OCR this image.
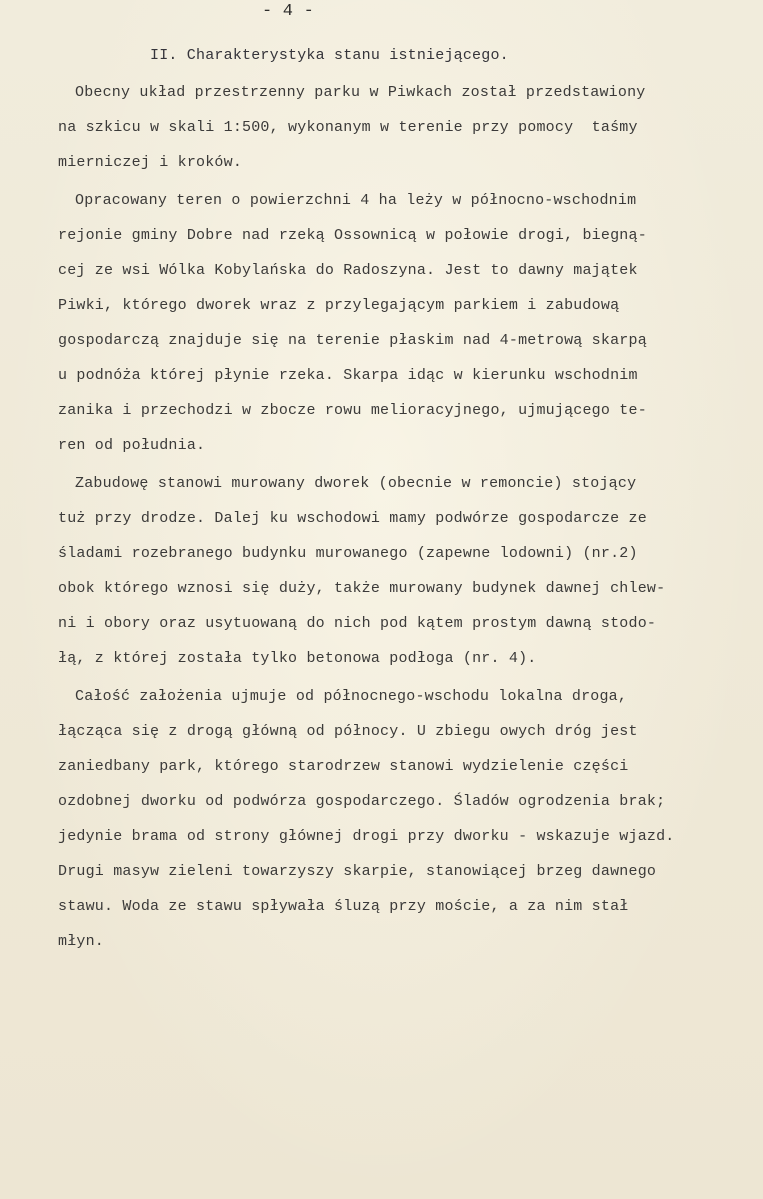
- 4 -
II. Charakterystyka stanu istniejącego.
Obecny układ przestrzenny parku w Piwkach został przedstawiony
na szkicu w skali 1:500, wykonanym w terenie przy pomocy  taśmy
mierniczej i kroków.
Opracowany teren o powierzchni 4 ha leży w północno-wschodnim
rejonie gminy Dobre nad rzeką Ossownicą w połowie drogi, biegną-
cej ze wsi Wólka Kobylańska do Radoszyna. Jest to dawny majątek
Piwki, którego dworek wraz z przylegającym parkiem i zabudową
gospodarczą znajduje się na terenie płaskim nad 4-metrową skarpą
u podnóża której płynie rzeka. Skarpa idąc w kierunku wschodnim
zanika i przechodzi w zbocze rowu melioracyjnego, ujmującego te-
ren od południa.
Zabudowę stanowi murowany dworek (obecnie w remoncie) stojący
tuż przy drodze. Dalej ku wschodowi mamy podwórze gospodarcze ze
śladami rozebranego budynku murowanego (zapewne lodowni) (nr.2)
obok którego wznosi się duży, także murowany budynek dawnej chlew-
ni i obory oraz usytuowaną do nich pod kątem prostym dawną stodo-
łą, z której została tylko betonowa podłoga (nr. 4).
Całość założenia ujmuje od północnego-wschodu lokalna droga,
łącząca się z drogą główną od północy. U zbiegu owych dróg jest
zaniedbany park, którego starodrzew stanowi wydzielenie części
ozdobnej dworku od podwórza gospodarczego. Śladów ogrodzenia brak;
jedynie brama od strony głównej drogi przy dworku - wskazuje wjazd.
Drugi masyw zieleni towarzyszy skarpie, stanowiącej brzeg dawnego
stawu. Woda ze stawu spływała śluzą przy moście, a za nim stał
młyn.
